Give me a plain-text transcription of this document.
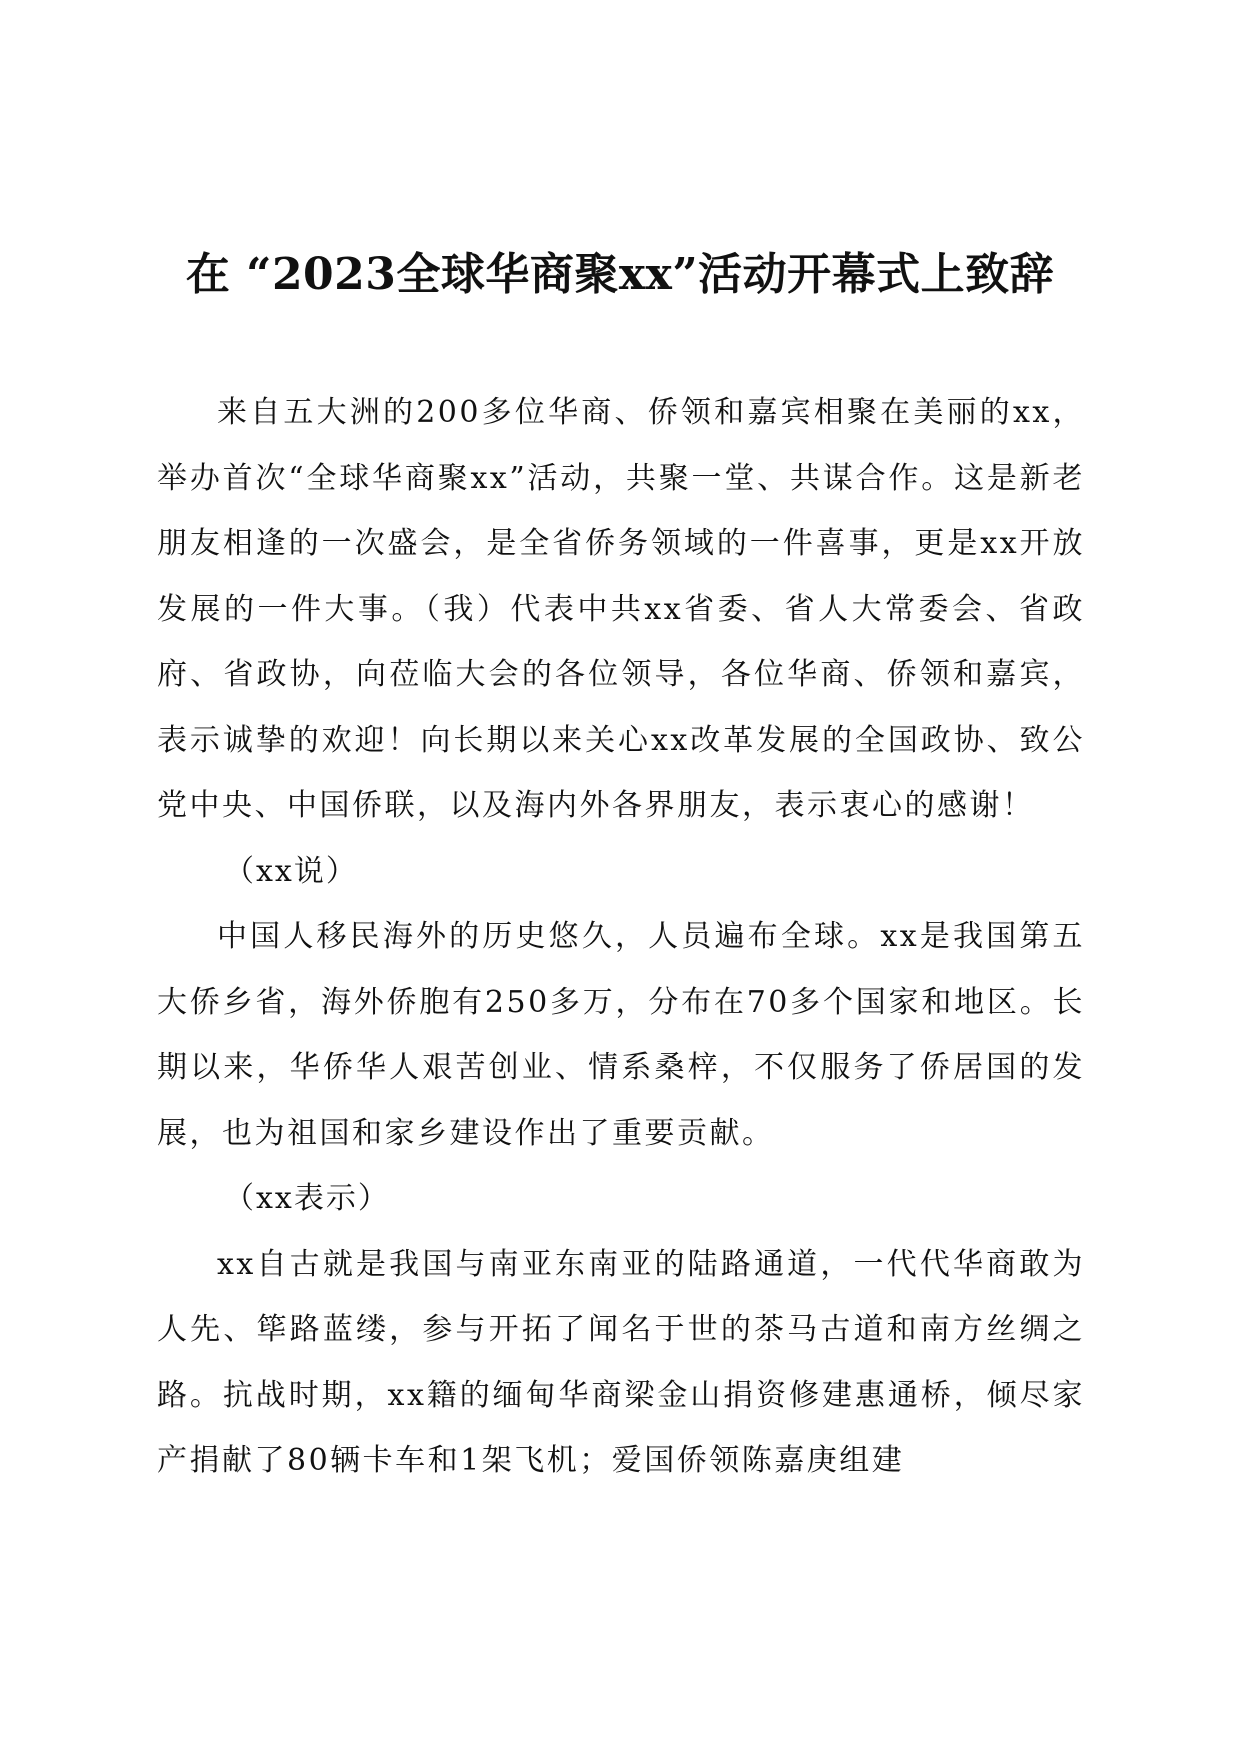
在 “2023全球华商聚xx”活动开幕式上致辞

来自五大洲的200多位华商、侨领和嘉宾相聚在美丽的xx，举办首次“全球华商聚xx”活动，共聚一堂、共谋合作。这是新老朋友相逢的一次盛会，是全省侨务领域的一件喜事，更是xx开放发展的一件大事。（我）代表中共xx省委、省人大常委会、省政府、省政协，向莅临大会的各位领导，各位华商、侨领和嘉宾，表示诚挚的欢迎！向长期以来关心xx改革发展的全国政协、致公党中央、中国侨联，以及海内外各界朋友，表示衷心的感谢！

（xx说）

中国人移民海外的历史悠久，人员遍布全球。xx是我国第五大侨乡省，海外侨胞有250多万，分布在70多个国家和地区。长期以来，华侨华人艰苦创业、情系桑梓，不仅服务了侨居国的发展，也为祖国和家乡建设作出了重要贡献。

（xx表示）

xx自古就是我国与南亚东南亚的陆路通道，一代代华商敢为人先、筚路蓝缕，参与开拓了闻名于世的茶马古道和南方丝绸之路。抗战时期，xx籍的缅甸华商梁金山捐资修建惠通桥，倾尽家产捐献了80辆卡车和1架飞机；爱国侨领陈嘉庚组建
